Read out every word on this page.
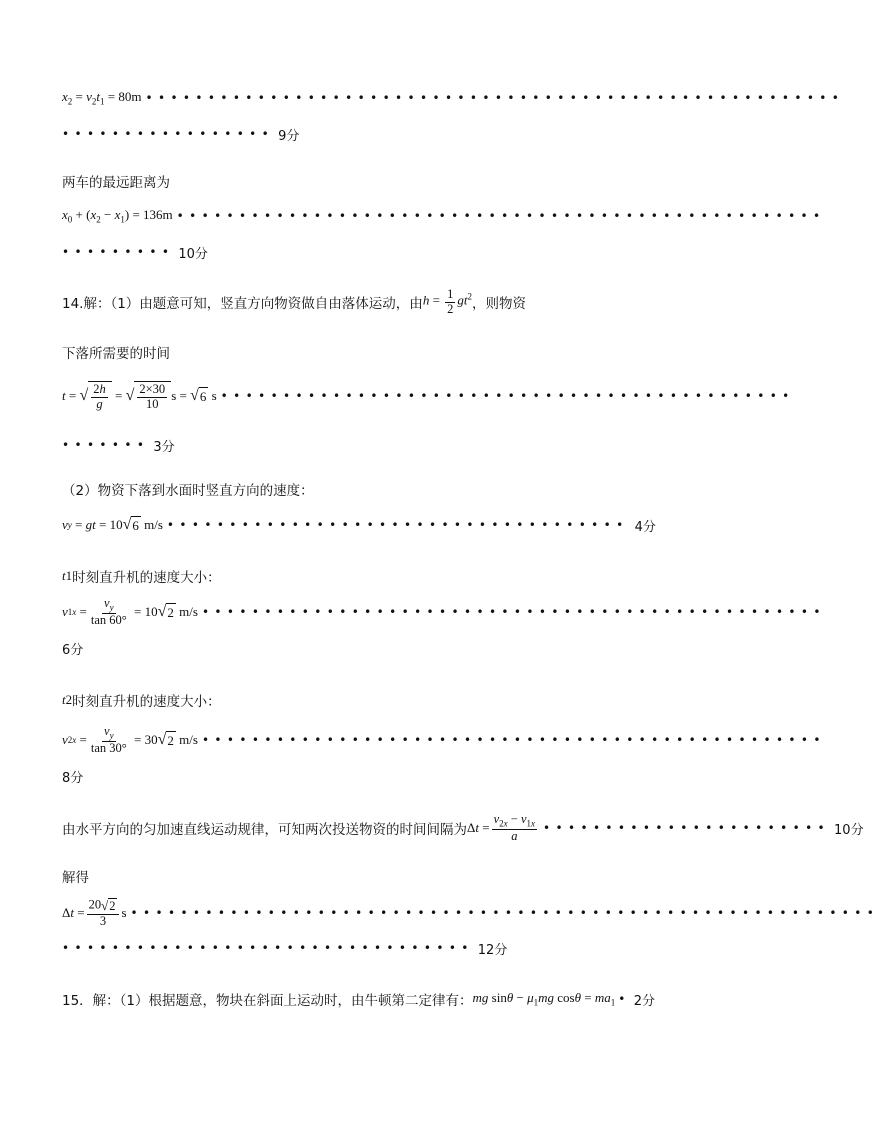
$x_2 = v_2t_1 = 80m$ ••••••••••••••••••••••••••••••••••••••••••••••••••••••••
••••••••••••••••• 9分
两车的最远距离为
$x_0 + (x_2 - x_1) = 136m$ ••••••••••••••••••••••••••••••••••••••••••••••••••••
••••••••• 10分
14.解：（1）由题意可知，竖直方向物资做自由落体运动，由 $h = \frac{1}{2} gt^2$ ，则物资
下落所需要的时间
t = √ $\frac{2h}{g}$ = √ $\frac{2\times 30}{10}$ s = √ 6 s ••••••••••••••••••••••••••••••••••••••••••••••
••••••• 3分
（2）物资下落到水面时竖直方向的速度：
v y = gt = 10 √ 6 m/s ••••••••••••••••••••••••••••••••••••• 4分
t 1 时刻直升机的速度大小：
v $1x = \frac{v_y}{\tan 60^\circ} = 10$ √ 2 m/s ••••••••••••••••••••••••••••••••••••••••••••••••••
6分
t 2 时刻直升机的速度大小：
v $2x = \frac{v_y}{\tan 30^\circ} = 30$ √ 2 m/s ••••••••••••••••••••••••••••••••••••••••••••••••••
8分
由水平方向的匀加速直线运动规律，可知两次投送物资的时间间隔为 Δ $t = \frac{v_{2x} - v_{1x}}{a}$ ••••••••••••••••••••••• 10分
解得
Δ $t = \frac{20 √ 2}{3}$ s ••••••••••••••••••••••••••••••••••••••••••••••••••••••••••••
••••••••••••••••••••••••••••••••• 12分
15．解：（1）根据题意，物块在斜面上运动时，由牛顿第二定律有： mg $\sin\theta - \mu_1mg$ $\cos\theta = ma_1$ • 2分
